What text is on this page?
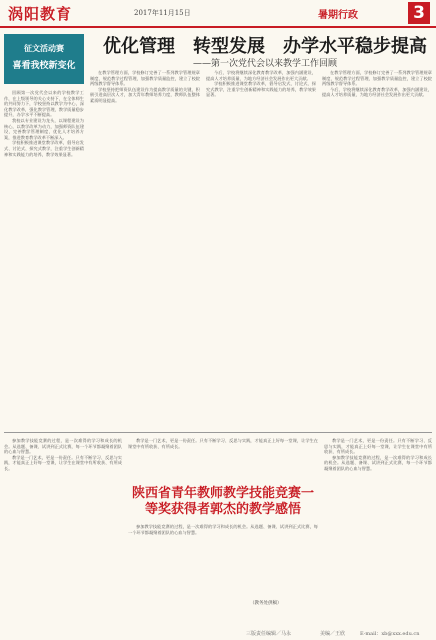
涡阳教育	2017年11月15日	暑期行政	3
征文活动赛
喜看我校新变化
优化管理　转型发展　办学水平稳步提高
——第一次党代会以来教学工作回顾

回顾第一次党代会以来的学校教学工作，在上级领导的关心支持下，在全体师生的共同努力下，学校坚持以教学为中心，深化教学改革，强化教学管理，教学质量稳步提升，办学水平不断提高。

我校以专业建设为龙头，以课程建设为核心，以教学改革为动力，加强师资队伍建设，完善教学管理制度，优化人才培养方案，推进教育教学改革不断深入。

学校积极推进课堂教学改革，倡导启发式、讨论式、探究式教学，注重学生创新精神和实践能力的培养，教学效果显著。

在教学管理方面，学校修订完善了一系列教学管理规章制度，规范教学过程管理，加强教学质量监控，建立了校院两级教学督导体系。

学校坚持把师资队伍建设作为提高教学质量的关键，积极引进高层次人才，加大青年教师培养力度，教师队伍整体素质明显提高。

今后，学校将继续深化教育教学改革，加强内涵建设，提高人才培养质量，为地方经济社会发展作出更大贡献。

学校积极推进课堂教学改革，倡导启发式、讨论式、探究式教学，注重学生创新精神和实践能力的培养，教学效果显著。

在教学管理方面，学校修订完善了一系列教学管理规章制度，规范教学过程管理，加强教学质量监控，建立了校院两级教学督导体系。

今后，学校将继续深化教育教学改革，加强内涵建设，提高人才培养质量，为地方经济社会发展作出更大贡献。

参加教学技能竞赛的过程，是一次难得的学习和成长的机会。从选题、备课、试讲到正式比赛，每一个环节都凝聚着团队的心血与智慧。

教学是一门艺术，更是一份责任。只有不断学习、反思与实践，才能真正上好每一堂课，让学生在课堂中有所收获、有所成长。

教学是一门艺术，更是一份责任。只有不断学习、反思与实践，才能真正上好每一堂课，让学生在课堂中有所收获、有所成长。

陕西省青年教师教学技能竞赛一等奖获得者郭杰的教学感悟

参加教学技能竞赛的过程，是一次难得的学习和成长的机会。从选题、备课、试讲到正式比赛，每一个环节都凝聚着团队的心血与智慧。

教学是一门艺术，更是一份责任。只有不断学习、反思与实践，才能真正上好每一堂课，让学生在课堂中有所收获、有所成长。

参加教学技能竞赛的过程，是一次难得的学习和成长的机会。从选题、备课、试讲到正式比赛，每一个环节都凝聚着团队的心血与智慧。

（教务处供稿）
三版责任编辑／马永	美编／王欣	E-mail：xb@xxx.edu.cn
